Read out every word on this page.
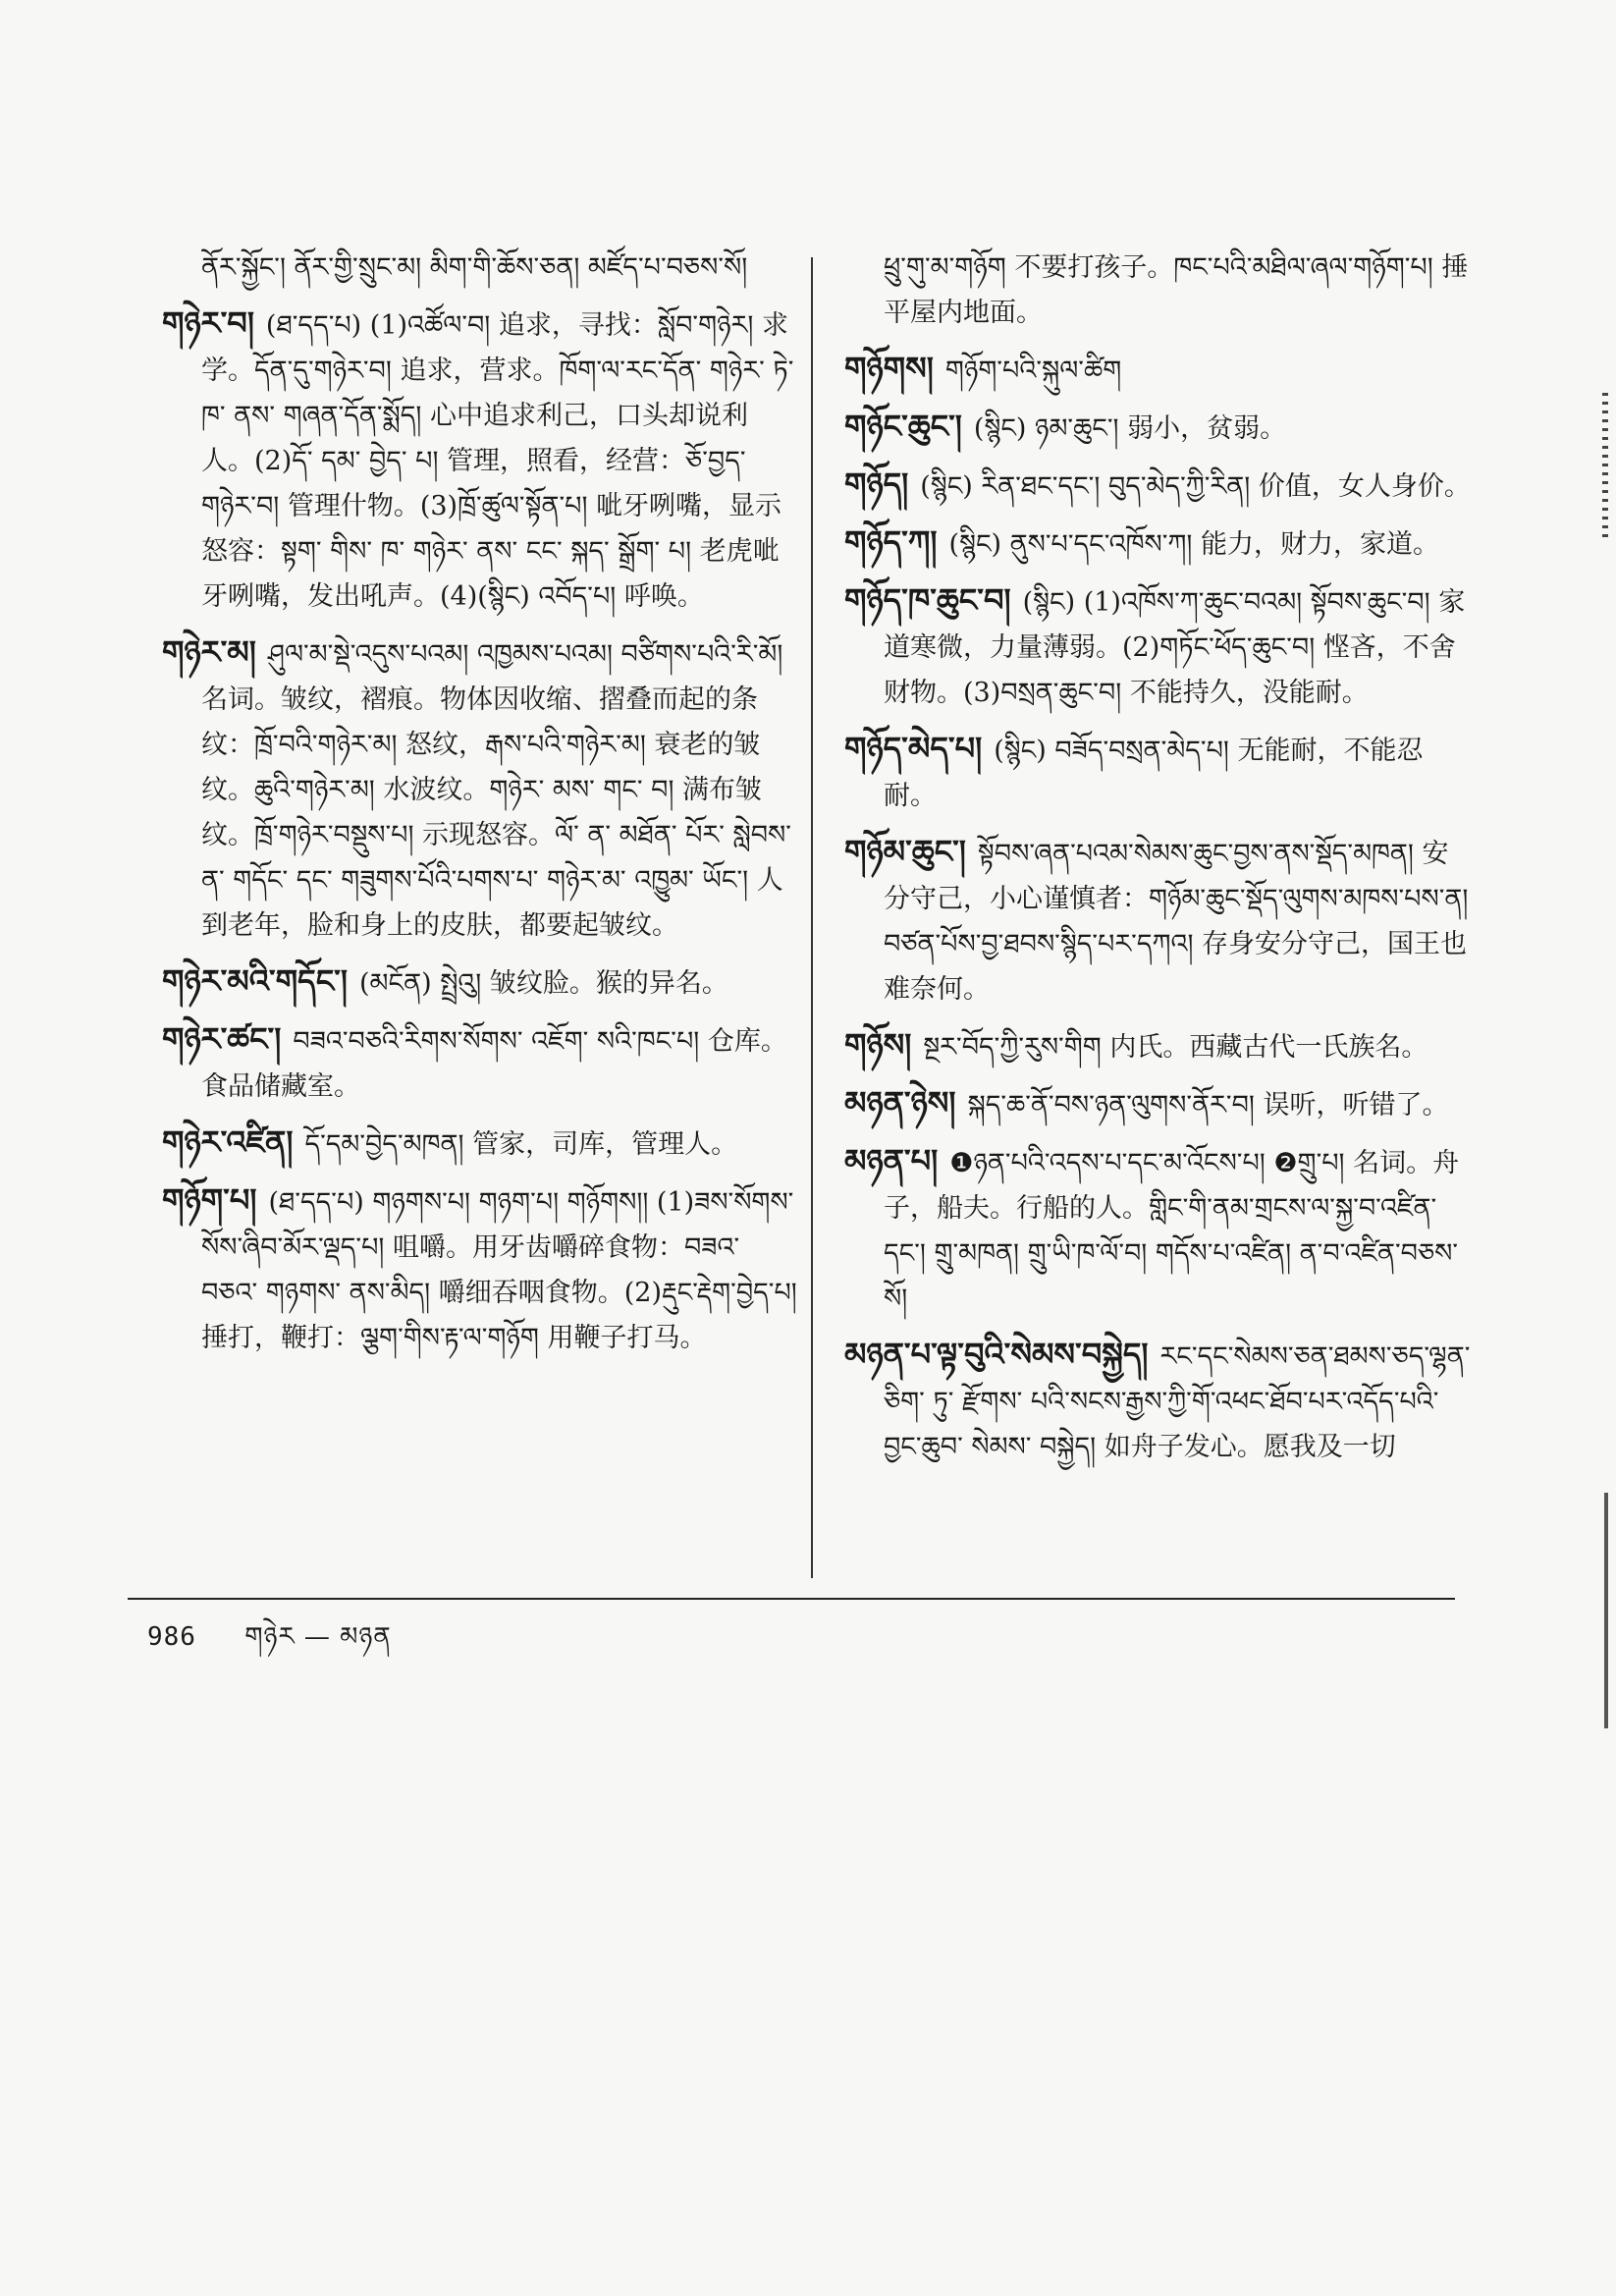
ནོར་སྐྱོང་། ནོར་གྱི་སྲུང་མ། མིག་གི་ཆོས་ཅན། མཛོད་པ་བཅས་སོ།

གཉེར་བ། (ཐ་དད་པ) (1)འཚོལ་བ། 追求，寻找：སློབ་གཉེར། 求学。དོན་དུ་གཉེར་བ། 追求，营求。ཁོག་ལ་རང་དོན་ གཉེར་ ཏེ་ ཁ་ ནས་ གཞན་དོན་སྨོད། 心中追求利己，口头却说利人。(2)དོ་ དམ་ བྱེད་ པ། 管理，照看，经营：ཅོ་བྱད་གཉེར་བ། 管理什物。(3)ཁྲོ་ཚུལ་སྟོན་པ། 呲牙咧嘴，显示怒容：སྟག་ གིས་ ཁ་ གཉེར་ ནས་ ངང་ སྐད་ སྒྲོག་ པ། 老虎呲牙咧嘴，发出吼声。(4)(སྙིང) འབོད་པ། 呼唤。

གཉེར་མ། ཤུལ་མ་སྡེ་འདུས་པའམ། འཁྱམས་པའམ། བཙིགས་པའི་རི་མོ། 名词。皱纹，褶痕。物体因收缩、摺叠而起的条纹：ཁྲོ་བའི་གཉེར་མ། 怒纹，རྒས་པའི་གཉེར་མ། 衰老的皱纹。ཆུའི་གཉེར་མ། 水波纹。གཉེར་ མས་ གང་ བ། 满布皱纹。ཁྲོ་གཉེར་བསྡུས་པ། 示现怒容。ལོ་ ན་ མཐོན་ པོར་ སླེབས་ ན་ གདོང་ དང་ གཟུགས་པོའི་པགས་པ་ གཉེར་མ་ འཁྱུམ་ ཡོང་། 人到老年，脸和身上的皮肤，都要起皱纹。

གཉེར་མའི་གདོང་། (མངོན) སྤྲེའུ། 皱纹脸。猴的异名。

གཉེར་ཚང་། བཟའ་བཅའི་རིགས་སོགས་ འཇོག་ སའི་ཁང་པ། 仓库。食品储藏室。

གཉེར་འཛིན། དོ་དམ་བྱེད་མཁན། 管家，司库，管理人。

གཉོག་པ། (ཐ་དད་པ) གཉགས་པ། གཉག་པ། གཉོགས།། (1)ཟས་སོགས་སོས་ཞིབ་མོར་ལྡད་པ། 咀嚼。用牙齿嚼碎食物：བཟའ་ བཅའ་ གཉགས་ ནས་མིད། 嚼细吞咽食物。(2)རྡུང་རྡེག་བྱེད་པ། 捶打，鞭打：ལྕག་གིས་རྟ་ལ་གཉོག 用鞭子打马。

ཕྲུ་གུ་མ་གཉོག 不要打孩子。ཁང་པའི་མཐིལ་ཞལ་གཉོག་པ། 捶平屋内地面。

གཉོགས། གཉོག་པའི་སྐུལ་ཚིག

གཉོང་ཆུང་། (སྙིང) ཉམ་ཆུང་། 弱小，贫弱。

གཉོད། (སྙིང) རིན་ཐང་དང་། བུད་མེད་ཀྱི་རིན། 价值，女人身价。

གཉོད་ཀ། (སྙིང) ནུས་པ་དང་འཁོས་ཀ། 能力，财力，家道。

གཉོད་ཁ་ཆུང་བ། (སྙིང) (1)འཁོས་ཀ་ཆུང་བའམ། སྟོབས་ཆུང་བ། 家道寒微，力量薄弱。(2)གཏོང་ཕོད་ཆུང་བ། 悭吝，不舍财物。(3)བསྲན་ཆུང་བ། 不能持久，没能耐。

གཉོད་མེད་པ། (སྙིང) བཟོད་བསྲན་མེད་པ། 无能耐，不能忍耐。

གཉོམ་ཆུང་། སྟོབས་ཞན་པའམ་སེམས་ཆུང་བྱས་ནས་སྡོད་མཁན། 安分守己，小心谨慎者：གཉོམ་ཆུང་སྡོད་ལུགས་མཁས་པས་ན། བཙན་པོས་བྱ་ཐབས་སྙིད་པར་དཀའ། 存身安分守己，国王也难奈何。

གཉོས། སྔར་བོད་ཀྱི་རུས་གིག 内氏。西藏古代一氏族名。

མཉན་ཉེས། སྐད་ཆ་ནོ་བས་ཉན་ལུགས་ནོར་བ། 误听，听错了。

མཉན་པ། ❶ཉན་པའི་འདས་པ་དང་མ་འོངས་པ། ❷གྲུ་པ། 名词。舟子，船夫。行船的人。གླིང་གི་ནམ་གྲངས་ལ་སྐྱ་བ་འཛིན་དང་། གྲུ་མཁན། གྲུ་ཡི་ཁ་ལོ་བ། གདོས་པ་འཛིན། ན་བ་འཛིན་བཅས་སོ།

མཉན་པ་ལྟ་བུའི་སེམས་བསྐྱེད། རང་དང་སེམས་ཅན་ཐམས་ཅད་ལྷན་ ཅིག་ ཏུ་ རྫོགས་ པའི་སངས་རྒྱས་ཀྱི་གོ་འཕང་ཐོབ་པར་འདོད་པའི་བྱང་ཆུབ་ སེམས་ བསྐྱེད། 如舟子发心。愿我及一切

986 གཉེར — མཉན
